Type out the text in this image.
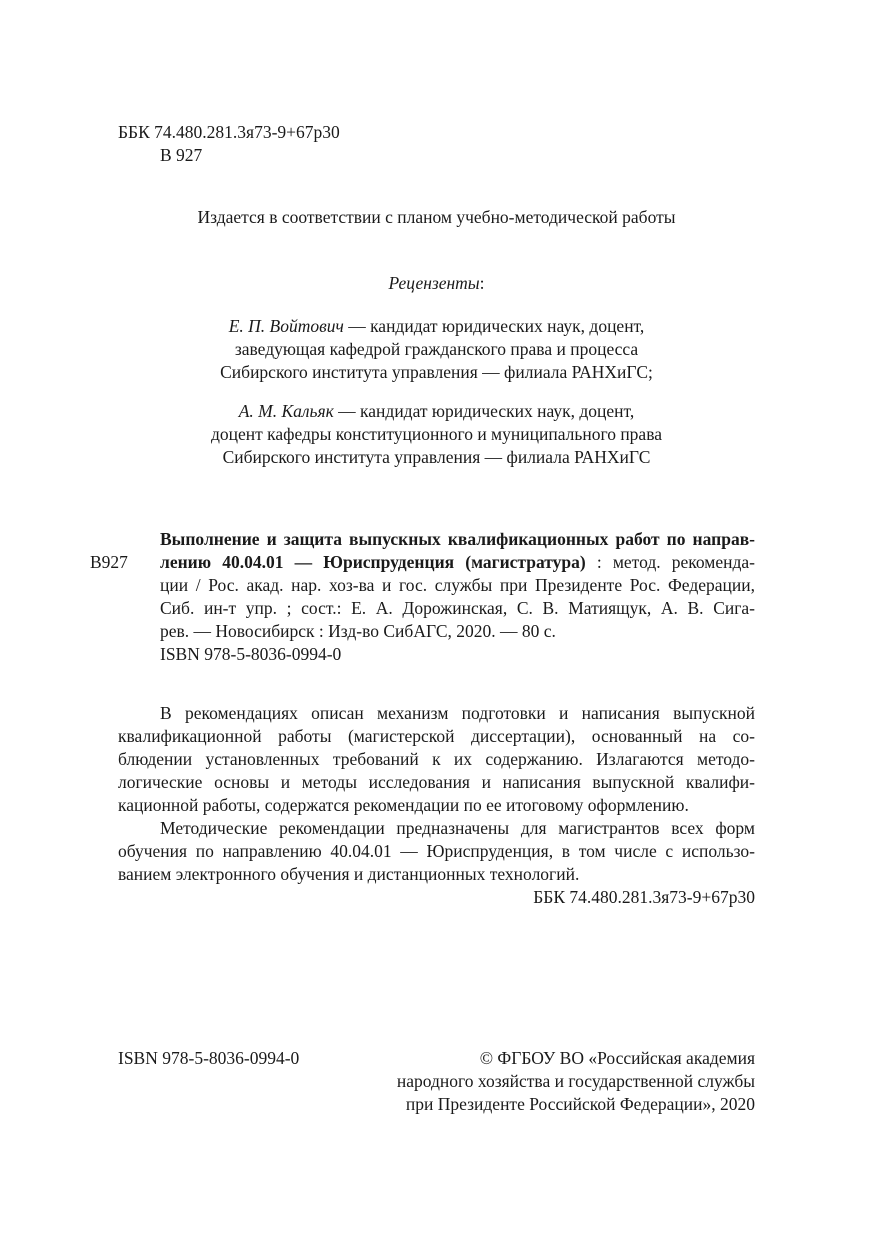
ББК 74.480.281.3я73-9+67р30
В 927
Издается в соответствии с планом учебно-методической работы
Рецензенты:
Е. П. Войтович — кандидат юридических наук, доцент,
заведующая кафедрой гражданского права и процесса
Сибирского института управления — филиала РАНХиГС;
А. М. Кальяк — кандидат юридических наук, доцент,
доцент кафедры конституционного и муниципального права
Сибирского института управления — филиала РАНХиГС
В927
Выполнение и защита выпускных квалификационных работ по направ-
лению 40.04.01 — Юриспруденция (магистратура) : метод. рекоменда-
ции / Рос. акад. нар. хоз-ва и гос. службы при Президенте Рос. Федерации,
Сиб. ин-т упр. ; сост.: Е. А. Дорожинская, С. В. Матиящук, А. В. Сига-
рев. — Новосибирск : Изд-во СибАГС, 2020. — 80 с.
ISBN 978-5-8036-0994-0
В рекомендациях описан механизм подготовки и написания выпускной
квалификационной работы (магистерской диссертации), основанный на со-
блюдении установленных требований к их содержанию. Излагаются методо-
логические основы и методы исследования и написания выпускной квалифи-
кационной работы, содержатся рекомендации по ее итоговому оформлению.
Методические рекомендации предназначены для магистрантов всех форм
обучения по направлению 40.04.01 — Юриспруденция, в том числе с использо-
ванием электронного обучения и дистанционных технологий.
ББК 74.480.281.3я73-9+67р30
ISBN 978-5-8036-0994-0	© ФГБОУ ВО «Российская академия
народного хозяйства и государственной службы
при Президенте Российской Федерации», 2020
